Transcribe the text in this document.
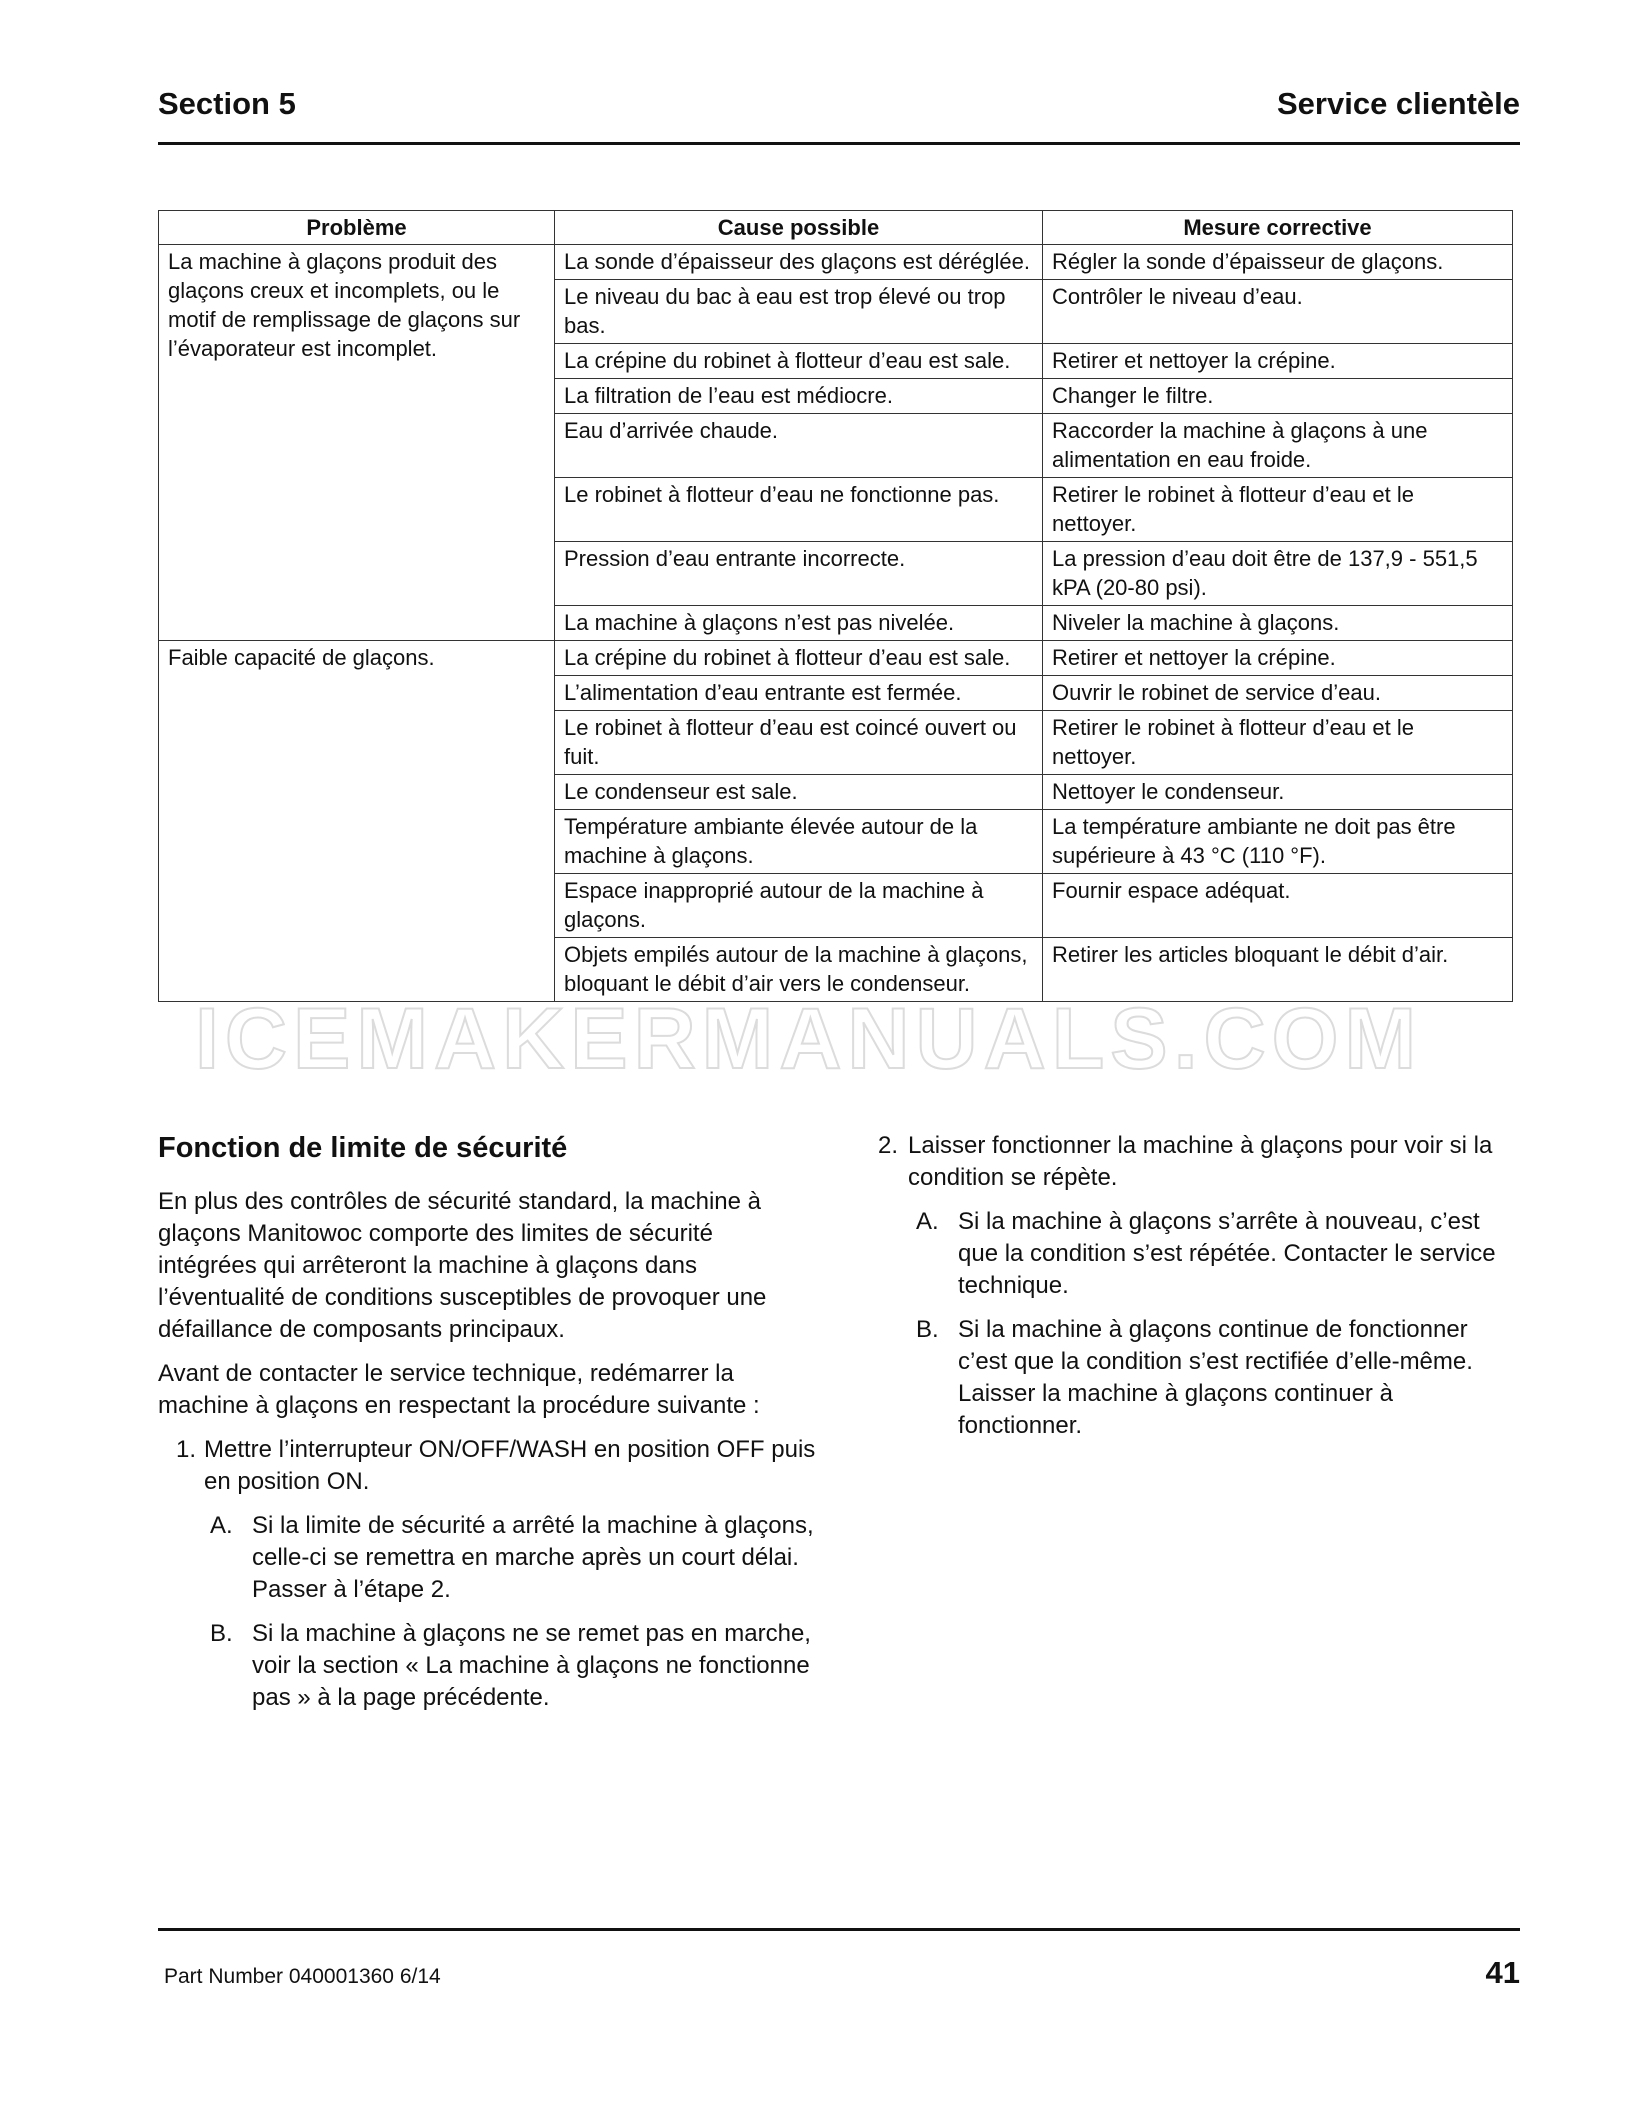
Section 5	Service clientèle
Problème	Cause possible	Mesure corrective
La machine à glaçons produit des glaçons creux et incomplets, ou le motif de remplissage de glaçons sur l’évaporateur est incomplet.	La sonde d’épaisseur des glaçons est déréglée.	Régler la sonde d’épaisseur de glaçons.
	Le niveau du bac à eau est trop élevé ou trop bas.	Contrôler le niveau d’eau.
	La crépine du robinet à flotteur d’eau est sale.	Retirer et nettoyer la crépine.
	La filtration de l’eau est médiocre.	Changer le filtre.
	Eau d’arrivée chaude.	Raccorder la machine à glaçons à une alimentation en eau froide.
	Le robinet à flotteur d’eau ne fonctionne pas.	Retirer le robinet à flotteur d’eau et le nettoyer.
	Pression d’eau entrante incorrecte.	La pression d’eau doit être de 137,9 - 551,5 kPA (20-80 psi).
	La machine à glaçons n’est pas nivelée.	Niveler la machine à glaçons.
Faible capacité de glaçons.	La crépine du robinet à flotteur d’eau est sale.	Retirer et nettoyer la crépine.
	L’alimentation d’eau entrante est fermée.	Ouvrir le robinet de service d’eau.
	Le robinet à flotteur d’eau est coincé ouvert ou fuit.	Retirer le robinet à flotteur d’eau et le nettoyer.
	Le condenseur est sale.	Nettoyer le condenseur.
	Température ambiante élevée autour de la machine à glaçons.	La température ambiante ne doit pas être supérieure à 43 °C (110 °F).
	Espace inapproprié autour de la machine à glaçons.	Fournir espace adéquat.
	Objets empilés autour de la machine à glaçons, bloquant le débit d’air vers le condenseur.	Retirer les articles bloquant le débit d’air.
ICEMAKERMANUALS.COM
Fonction de limite de sécurité

En plus des contrôles de sécurité standard, la machine à glaçons Manitowoc comporte des limites de sécurité intégrées qui arrêteront la machine à glaçons dans l’éventualité de conditions susceptibles de provoquer une défaillance de composants principaux.

Avant de contacter le service technique, redémarrer la machine à glaçons en respectant la procédure suivante :

1. Mettre l’interrupteur ON/OFF/WASH en position OFF puis en position ON.
A. Si la limite de sécurité a arrêté la machine à glaçons, celle-ci se remettra en marche après un court délai. Passer à l’étape 2.
B. Si la machine à glaçons ne se remet pas en marche, voir la section « La machine à glaçons ne fonctionne pas » à la page précédente.
2. Laisser fonctionner la machine à glaçons pour voir si la condition se répète.
A. Si la machine à glaçons s’arrête à nouveau, c’est que la condition s’est répétée. Contacter le service technique.
B. Si la machine à glaçons continue de fonctionner c’est que la condition s’est rectifiée d’elle-même. Laisser la machine à glaçons continuer à fonctionner.
Part Number 040001360 6/14	41
